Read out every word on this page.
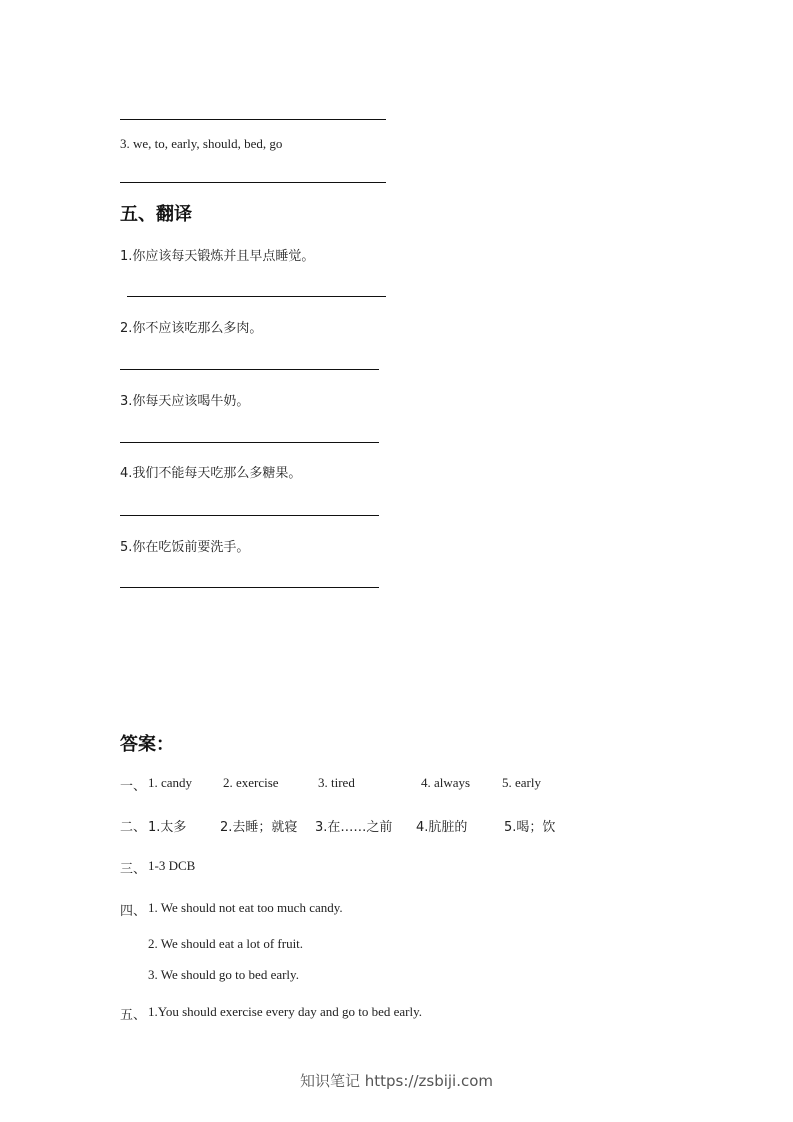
3. we, to, early, should, bed, go
五、翻译
1.你应该每天锻炼并且早点睡觉。
2.你不应该吃那么多肉。
3.你每天应该喝牛奶。
4.我们不能每天吃那么多糖果。
5.你在吃饭前要洗手。
答案：
一、 1. candy 2. exercise	3. tired	4. always 5. early
二、 1.太多	2.去睡；就寝 3.在……之前 4.肮脏的	5.喝；饮
三、 1-3 DCB
四、 1. We should not eat too much candy.
2. We should eat a lot of fruit.
3. We should go to bed early.
五、 1.You should exercise every day and go to bed early.
知识笔记 https://zsbiji.com
